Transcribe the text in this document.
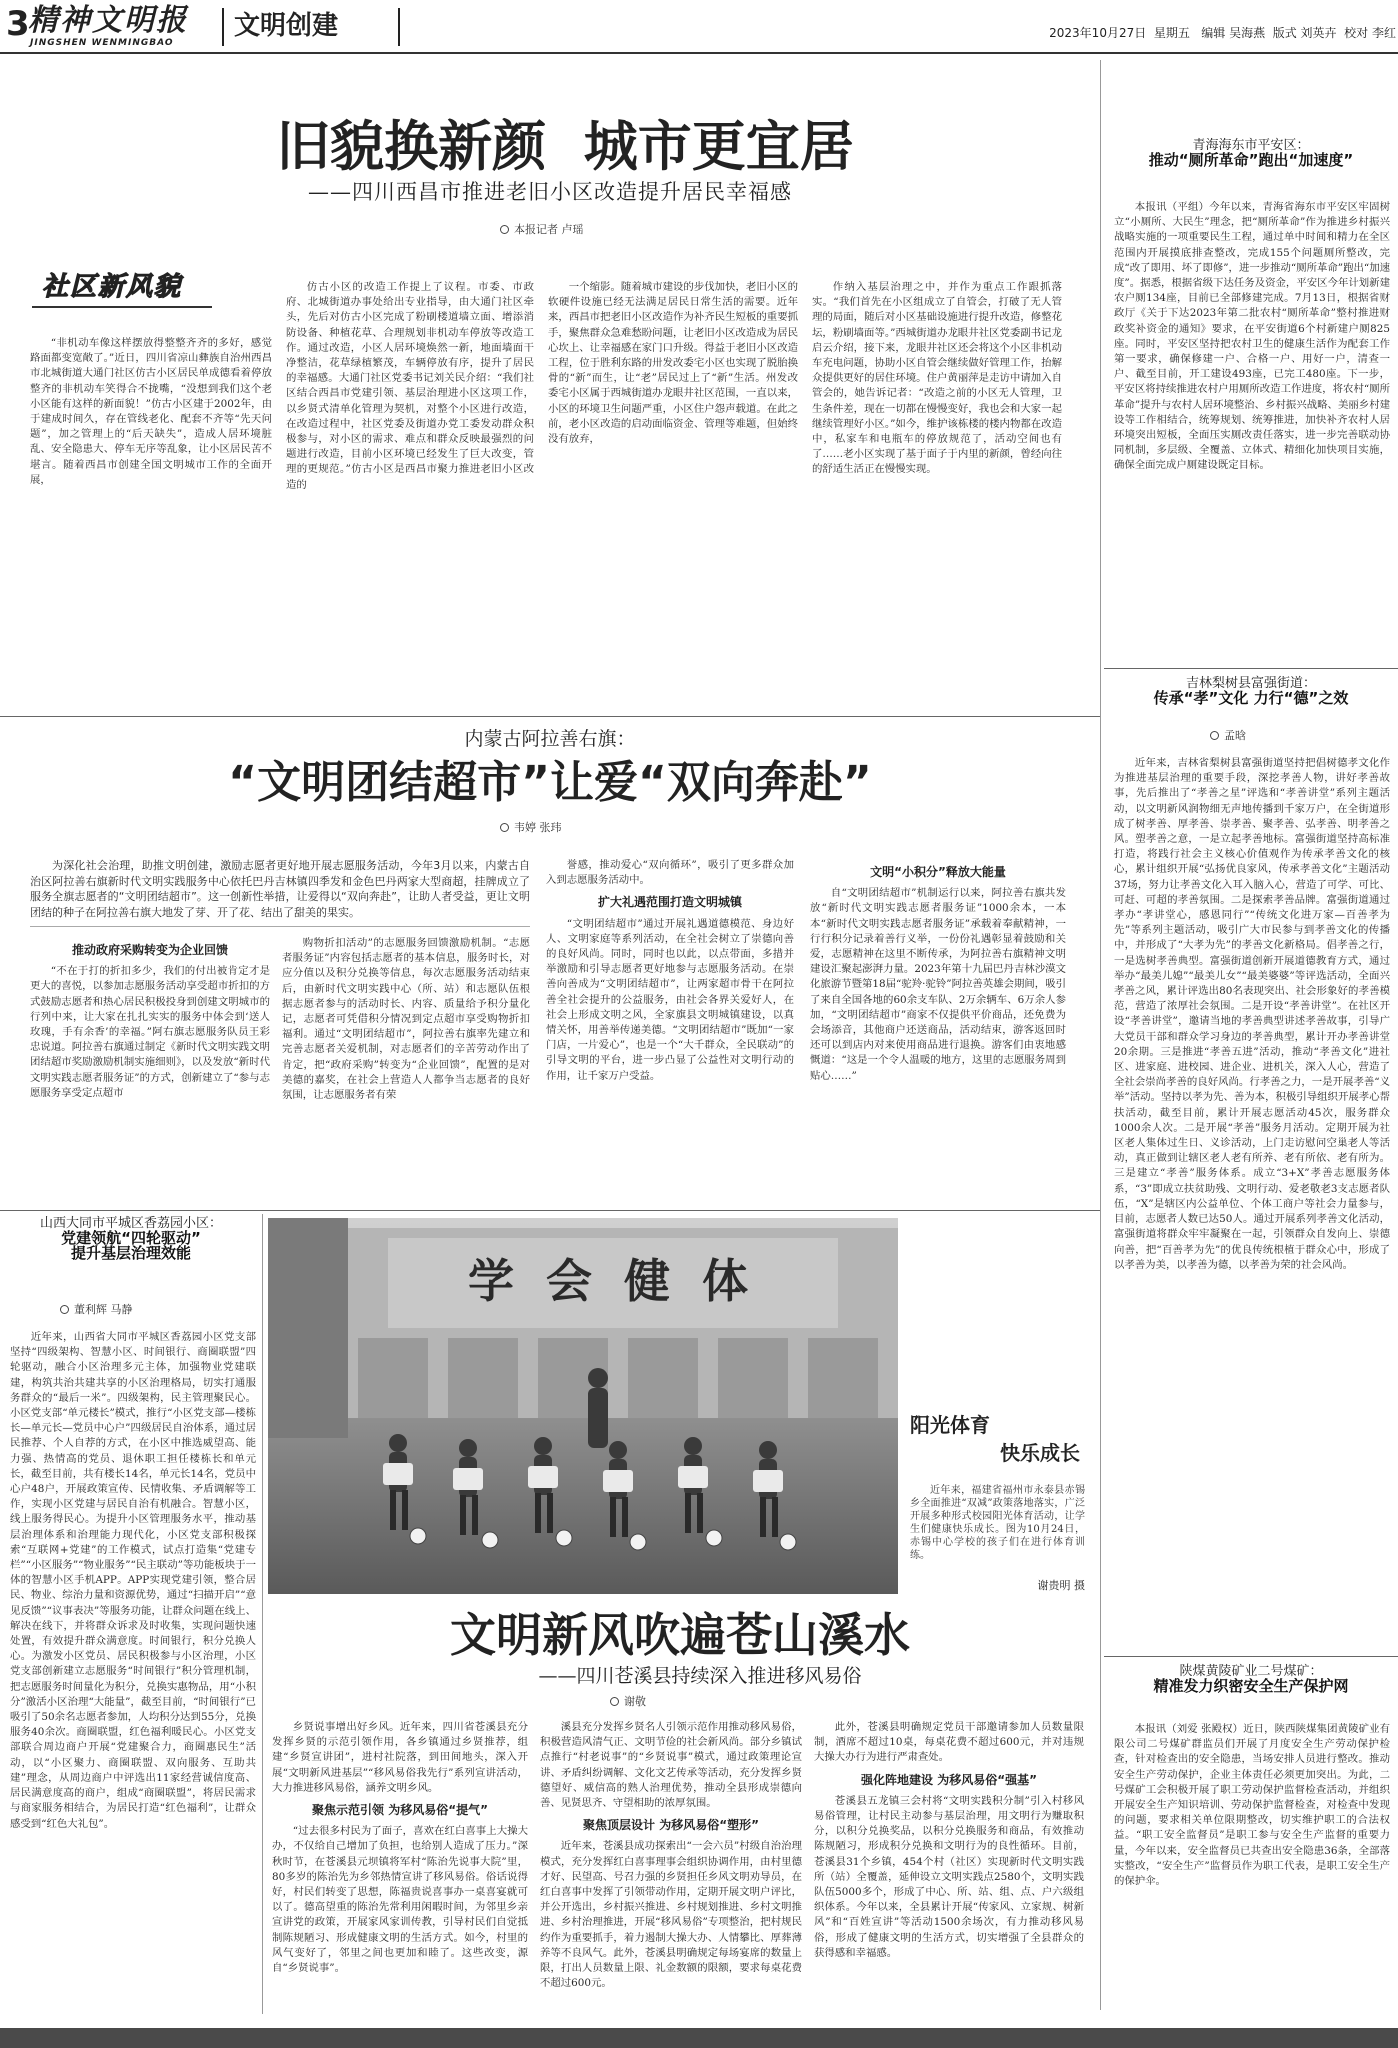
3
精神文明报
JINGSHEN WENMINGBAO
文明创建	2023年10月27日  星期五   编辑 吴海燕  版式 刘英卉  校对 李红
旧貌换新颜  城市更宜居
——四川西昌市推进老旧小区改造提升居民幸福感
本报记者 卢瑶
社区新风貌

“非机动车像这样摆放得整整齐齐的多好，感觉路面都变宽敞了。”近日，四川省凉山彝族自治州西昌市北城街道大通门社区仿古小区居民单成德看着停放整齐的非机动车笑得合不拢嘴，“没想到我们这个老小区能有这样的新面貌！”仿古小区建于2002年，由于建成时间久，存在管线老化、配套不齐等“先天问题”，加之管理上的“后天缺失”，造成人居环境脏乱、安全隐患大、停车无序等乱象，让小区居民苦不堪言。随着西昌市创建全国文明城市工作的全面开展，

仿古小区的改造工作提上了议程。市委、市政府、北城街道办事处给出专业指导，由大通门社区牵头，先后对仿古小区完成了粉刷楼道墙立面、增添消防设备、种植花草、合理规划非机动车停放等改造工作。通过改造，小区人居环境焕然一新，地面墙面干净整洁，花草绿植繁茂，车辆停放有序，提升了居民的幸福感。大通门社区党委书记刘关民介绍：“我们社区结合西昌市党建引领、基层治理进小区这项工作，以乡贤式清单化管理为契机，对整个小区进行改造，在改造过程中，社区党委及街道办党工委发动群众积极参与，对小区的需求、难点和群众反映最强烈的问题进行改造，目前小区环境已经发生了巨大改变，管理的更规范。”仿古小区是西昌市聚力推进老旧小区改造的

一个缩影。随着城市建设的步伐加快，老旧小区的软硬件设施已经无法满足居民日常生活的需要。近年来，西昌市把老旧小区改造作为补齐民生短板的重要抓手，聚焦群众急难愁盼问题，让老旧小区改造成为居民心坎上、让幸福感在家门口升级。得益于老旧小区改造工程，位于胜利东路的卅发改委宅小区也实现了脱胎换骨的“新”而生，让“老”居民过上了“新”生活。州发改委宅小区属于西城街道办龙眼井社区范围，一直以来，小区的环境卫生问题严重，小区住户怨声载道。在此之前，老小区改造的启动面临资金、管理等难题，但始终没有放弃，

作纳入基层治理之中，并作为重点工作跟抓落实。“我们首先在小区组成立了自管会，打破了无人管理的局面，随后对小区基础设施进行提升改造，修整花坛，粉刷墙面等。”西城街道办龙眼井社区党委副书记龙启云介绍，接下来，龙眼井社区还会将这个小区非机动车充电问题，协助小区自管会继续做好管理工作，抬解众提供更好的居住环境。住户黄丽萍是走访中请加入自管会的，她告诉记者：“改造之前的小区无人管理，卫生条件差，现在一切都在慢慢变好，我也会和大家一起继续管理好小区。”如今，维护该栋楼的楼内物都在改造中，私家车和电瓶车的停放规范了，活动空间也有了……老小区实现了基于面子于内里的新颜，曾经向往的舒适生活正在慢慢实现。

青海海东市平安区：
推动“厕所革命”跑出“加速度”

本报讯（平组）今年以来，青海省海东市平安区牢固树立“小厕所、大民生”理念，把“厕所革命”作为推进乡村振兴战略实施的一项重要民生工程，通过单中时间和精力在全区范围内开展摸底排查整改，完成155个问题厕所整改，完成“改了即用、坏了即修”，进一步推动“厕所革命”跑出“加速度”。据悉，根据省级下达任务及资金，平安区今年计划新建农户厕134座，目前已全部修建完成。7月13日，根据省财政厅《关于下达2023年第二批农村“厕所革命”整村推进财政奖补资金的通知》要求，在平安街道6个村新建户厕825座。同时，平安区坚持把农村卫生的健康生活作为配套工作第一要求，确保修建一户、合格一户、用好一户，清查一户、截至目前，开工建设493座，已完工480座。下一步，平安区将持续推进农村户用厕所改造工作进度，将农村“厕所革命”提升与农村人居环境整治、乡村振兴战略、美丽乡村建设等工作相结合，统筹规划、统筹推进，加快补齐农村人居环境突出短板，全面压实厕改责任落实，进一步完善联动协同机制，多层级、全覆盖、立体式、精细化加快项目实施，确保全面完成户厕建设既定目标。

内蒙古阿拉善右旗：
“文明团结超市”让爱“双向奔赴”
韦婷 张玮

为深化社会治理，助推文明创建，激励志愿者更好地开展志愿服务活动，今年3月以来，内蒙古自治区阿拉善右旗新时代文明实践服务中心依托巴丹吉林镇四季发和金色巴丹两家大型商超，挂牌成立了服务全旗志愿者的“文明团结超市”。这一创新性举措，让爱得以“双向奔赴”，让助人者受益，更让文明团结的种子在阿拉善右旗大地发了芽、开了花、结出了甜美的果实。

推动政府采购转变为企业回馈

“不在于打的折扣多少，我们的付出被肯定才是更大的喜悦，以参加志愿服务活动享受超市折扣的方式鼓励志愿者和热心居民积极投身到创建文明城市的行列中来，让大家在扎扎实实的服务中体会到‘送人玫瑰，手有余香’的幸福。”阿右旗志愿服务队员王彩忠说道。阿拉善右旗通过制定《新时代文明实践文明团结超市奖励激励机制实施细则》，以及发放“新时代文明实践志愿者服务证”的方式，创新建立了“参与志愿服务享受定点超市

购物折扣活动”的志愿服务回馈激励机制。“志愿者服务证”内容包括志愿者的基本信息，服务时长，对应分值以及积分兑换等信息，每次志愿服务活动结束后，由新时代文明实践中心（所、站）和志愿队伍根据志愿者参与的活动时长、内容、质量给予积分量化记，志愿者可凭借积分情况到定点超市享受购物折扣福利。通过“文明团结超市”，阿拉善右旗率先建立和完善志愿者关爱机制，对志愿者们的辛苦劳动作出了肯定，把“政府采购”转变为“企业回馈”，配置的是对美德的嘉奖，在社会上营造人人都争当志愿者的良好氛围，让志愿服务者有荣

誉感，推动爱心“双向循环”，吸引了更多群众加入到志愿服务活动中。

扩大礼遇范围打造文明城镇

“文明团结超市”通过开展礼遇道德模范、身边好人、文明家庭等系列活动，在全社会树立了崇德向善的良好风尚。同时，同时也以此，以点带面，多措并举激励和引导志愿者更好地参与志愿服务活动。在崇善向善成为“文明团结超市”，让两家超市骨干在阿拉善全社会提升的公益服务，由社会各界关爱好人，在社会上形成文明之风，全家旗县文明城镇建设，以真情关怀，用善举传递美德。“文明团结超市”既加“一家门店，一片爱心”，也是一个“大千群众，全民联动”的引导文明的平台，进一步凸显了公益性对文明行动的作用，让千家万户受益。

文明“小积分”释放大能量

自“文明团结超市”机制运行以来，阿拉善右旗共发放“新时代文明实践志愿者服务证”1000余本，一本本“新时代文明实践志愿者服务证”承载着奉献精神，一行行积分记录着善行义举，一份份礼遇彰显着鼓励和关爱，志愿精神在这里不断传承，为阿拉善右旗精神文明建设汇聚起澎湃力量。2023年第十九届巴丹吉林沙漠文化旅游节暨第18届“驼羚·驼铃”阿拉善英雄会期间，吸引了来自全国各地的60余支车队、2万余辆车、6万余人参加，“文明团结超市”商家不仅提供平价商品，还免费为会场添音，其他商户还送商品，活动结束，游客返回时还可以到店内对来使用商品进行退换。游客们由衷地感慨道：“这是一个令人温暖的地方，这里的志愿服务周到贴心……”

吉林梨树县富强街道：
传承“孝”文化 力行“德”之效
孟晗

近年来，吉林省梨树县富强街道坚持把倡树德孝文化作为推进基层治理的重要手段，深挖孝善人物，讲好孝善故事，先后推出了“孝善之星”评选和“孝善讲堂”系列主题活动，以文明新风润物细无声地传播到千家万户，在全街道形成了树孝善、厚孝善、崇孝善、聚孝善、弘孝善、明孝善之风。塑孝善之意，一是立起孝善地标。富强街道坚持高标准打造，将践行社会主义核心价值观作为传承孝善文化的核心，累计组织开展“弘扬优良家风，传承孝善文化”主题活动37场，努力让孝善文化入耳入脑入心，营造了可学、可比、可赶、可超的孝善氛围。二是探索孝善品牌。富强街道通过孝办“孝讲堂心，感恩同行”“传统文化进万家—百善孝为先”等系列主题活动，吸引广大市民参与到孝善文化的传播中，并形成了“大孝为先”的孝善文化新格局。倡孝善之行，一是选树孝善典型。富强街道创新开展道德教育方式，通过举办“最美儿媳”“最美儿女”“最美婆婆”等评选活动，全面兴孝善之风，累计评选出80名表现突出、社会形象好的孝善模范，营造了浓厚社会氛围。二是开设“孝善讲堂”。在社区开设“孝善讲堂”，邀请当地的孝善典型讲述孝善故事，引导广大党员干部和群众学习身边的孝善典型，累计开办孝善讲堂20余期。三是推进“孝善五进”活动，推动“孝善文化”进社区、进家庭、进校园、进企业、进机关，深入人心，营造了全社会崇尚孝善的良好风尚。行孝善之力，一是开展孝善“义举”活动。坚持以孝为先、善为本，积极引导组织开展孝心帮扶活动，截至目前，累计开展志愿活动45次，服务群众1000余人次。二是开展“孝善”服务月活动。定期开展为社区老人集体过生日、义诊活动，上门走访慰问空巢老人等活动，真正做到让辖区老人老有所养、老有所依、老有所为。三是建立“孝善”服务体系。成立“3+X”孝善志愿服务体系，“3”即成立扶贫助残、文明行动、爱老敬老3支志愿者队伍，“X”是辖区内公益单位、个体工商户等社会力量参与，目前，志愿者人数已达50人。通过开展系列孝善文化活动，富强街道将群众牢牢凝聚在一起，引领群众自发向上、崇德向善，把“百善孝为先”的优良传统根植于群众心中，形成了以孝善为美，以孝善为德，以孝善为荣的社会风尚。

山西大同市平城区香荔园小区：
党建领航“四轮驱动”
提升基层治理效能
董利辉 马静

近年来，山西省大同市平城区香荔园小区党支部坚持“四级架构、智慧小区、时间银行、商圈联盟”四轮驱动，融合小区治理多元主体，加强物业党建联建，构筑共治共建共享的小区治理格局，切实打通服务群众的“最后一米”。四级架构，民主管理聚民心。小区党支部“单元楼长”模式，推行“小区党支部—楼栋长—单元长—党员中心户”四级居民自治体系，通过居民推荐、个人自荐的方式，在小区中推选威望高、能力强、热情高的党员、退休职工担任楼栋长和单元长，截至目前，共有楼长14名，单元长14名，党员中心户48户，开展政策宣传、民情收集、矛盾调解等工作，实现小区党建与居民自治有机融合。智慧小区，线上服务得民心。为提升小区管理服务水平，推动基层治理体系和治理能力现代化，小区党支部积极探索“互联网+党建”的工作模式，试点打造集“党建专栏”“小区服务”“物业服务”“民主联动”等功能板块于一体的智慧小区手机APP。APP实现党建引领，整合居民、物业、综治力量和资源优势，通过“扫描开启”“意见反馈”“议事表决”等服务功能，让群众问题在线上、解决在线下，并将群众诉求及时收集，实现问题快速处置，有效提升群众满意度。时间银行，积分兑换人心。为激发小区党员、居民积极参与小区治理，小区党支部创新建立志愿服务“时间银行”积分管理机制，把志愿服务时间量化为积分，兑换实惠物品，用“小积分”激活小区治理“大能量”，截至目前，“时间银行”已吸引了50余名志愿者参加，人均积分达到55分，兑换服务40余次。商圈联盟，红色福利暖民心。小区党支部联合周边商户开展“党建聚合力，商圈惠民生”活动，以“小区聚力、商圈联盟、双向服务、互助共建”理念，从周边商户中评选出11家经营诚信度高、居民满意度高的商户，组成“商圈联盟”，将居民需求与商家服务相结合，为居民打造“红色福利”，让群众感受到“红色大礼包”。

学  会  健  体
阳光体育
快乐成长

近年来，福建省福州市永泰县赤锡乡全面推进“双减”政策落地落实，广泛开展多种形式校园阳光体育活动，让学生们健康快乐成长。图为10月24日，赤锡中心学校的孩子们在进行体育训练。

谢贵明 摄
文明新风吹遍苍山溪水
——四川苍溪县持续深入推进移风易俗
谢敬

乡贤说事增出好乡风。近年来，四川省苍溪县充分发挥乡贤的示范引领作用，各乡镇通过乡贤推荐，组建“乡贤宣讲团”，进村社院落，到田间地头，深入开展“文明新风进基层”“移风易俗我先行”系列宣讲活动，大力推进移风易俗，涵养文明乡风。

聚焦示范引领 为移风易俗“提气”

“过去很多村民为了面子，喜欢在红白喜事上大操大办，不仅给自己增加了负担，也给别人造成了压力。”深秋时节，在苍溪县元坝镇将军村“陈治先说事大院”里，80多岁的陈治先为乡邻热情宣讲了移风易俗。俗话说得好，村民们转变了思想，陈福贵说喜事办一桌喜宴就可以了。德高望重的陈治先常利用闲暇时间，为邻里乡亲宣讲党的政策，开展家风家训传教，引导村民们自觉抵制陈规陋习、形成健康文明的生活方式。如今，村里的风气变好了，邻里之间也更加和睦了。这些改变，源自“乡贤说事”。

溪县充分发挥乡贤名人引领示范作用推动移风易俗，积极营造风清气正、文明节俭的社会新风尚。部分乡镇试点推行“村老说事”的“乡贤说事”模式，通过政策理论宣讲、矛盾纠纷调解、文化文艺传承等活动，充分发挥乡贤德望好、威信高的熟人治理优势，推动全县形成崇德向善、见贤思齐、守望相助的浓厚氛围。

聚焦顶层设计 为移风易俗“塑形”

近年来，苍溪县成功探索出“一会六员”村级自治治理模式，充分发挥红白喜事理事会组织协调作用，由村里德才好、民望高、号召力强的乡贤担任乡风文明劝导员，在红白喜事中发挥了引领带动作用，定期开展文明户评比，并公开选出，乡村振兴推进、乡村规划推进、乡村文明推进、乡村治理推进，开展“移风易俗”专项整治，把村规民约作为重要抓手，着力遏制大操大办、人情攀比、厚葬薄养等不良风气。此外，苍溪县明确规定每场宴席的数量上限，打出人员数量上限、礼金数额的限额，要求每桌花费不超过600元。

此外，苍溪县明确规定党员干部邀请参加人员数量限制，酒席不超过10桌，每桌花费不超过600元，并对违规大操大办行为进行严肃查处。

强化阵地建设 为移风易俗“强基”

苍溪县五龙镇三会村将“文明实践积分制”引入村移风易俗管理，让村民主动参与基层治理，用文明行为赚取积分，以积分兑换奖品，以积分兑换服务和商品，有效推动陈规陋习，形成积分兑换和文明行为的良性循环。目前，苍溪县31个乡镇，454个村（社区）实现新时代文明实践所（站）全覆盖，延伸设立文明实践点2580个，文明实践队伍5000多个，形成了中心、所、站、组、点、户六级组织体系。今年以来，全县累计开展“传家风、立家规、树新风”和“百姓宣讲”等活动1500余场次，有力推动移风易俗，形成了健康文明的生活方式，切实增强了全县群众的获得感和幸福感。

陕煤黄陵矿业二号煤矿：
精准发力织密安全生产保护网

本报讯（刘爱 张殿权）近日，陕西陕煤集团黄陵矿业有限公司二号煤矿群监员们开展了月度安全生产劳动保护检查，针对检查出的安全隐患，当场安排人员进行整改。推动安全生产劳动保护，企业主体责任必须更加突出。为此，二号煤矿工会积极开展了职工劳动保护监督检查活动，并组织开展安全生产知识培训、劳动保护监督检查，对检查中发现的问题，要求相关单位限期整改，切实维护职工的合法权益。“职工安全监督员”是职工参与安全生产监督的重要力量，今年以来，安全监督员已共查出安全隐患36条，全部落实整改，“安全生产”监督员作为职工代表，是职工安全生产的保护伞。
